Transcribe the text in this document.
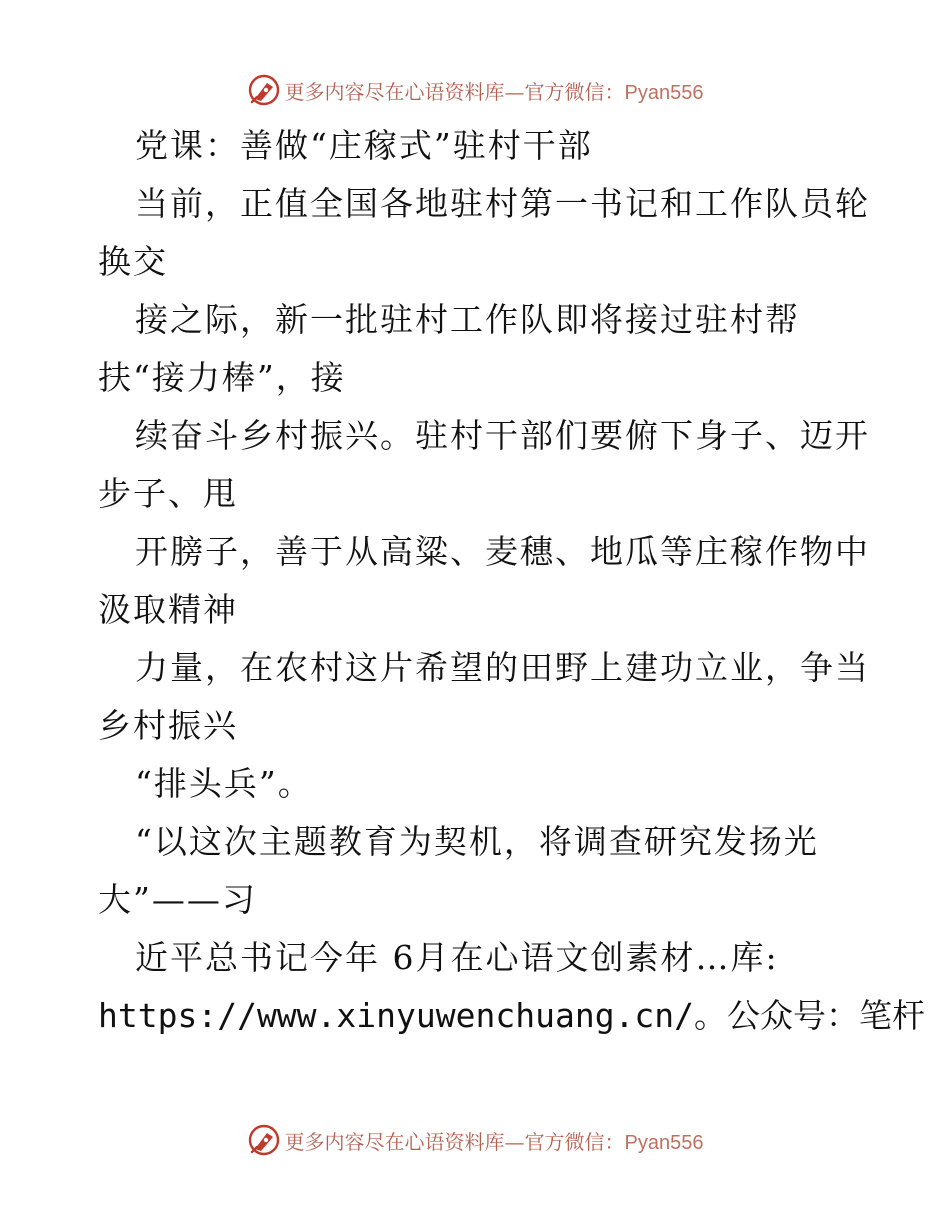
更多内容尽在心语资料库—官方微信：Pyan556
党课：善做“庄稼式”驻村干部
当前，正值全国各地驻村第一书记和工作队员轮
换交
接之际，新一批驻村工作队即将接过驻村帮
扶“接力棒”，接
续奋斗乡村振兴。驻村干部们要俯下身子、迈开
步子、甩
开膀子，善于从高粱、麦穗、地瓜等庄稼作物中
汲取精神
力量，在农村这片希望的田野上建功立业，争当
乡村振兴
“排头兵”。
“以这次主题教育为契机，将调查研究发扬光
大”——习
近平总书记今年 6月在心语文创素材…库:
https://www.xinyuwenchuang.cn/。公众号：笔杆
更多内容尽在心语资料库—官方微信：Pyan556
